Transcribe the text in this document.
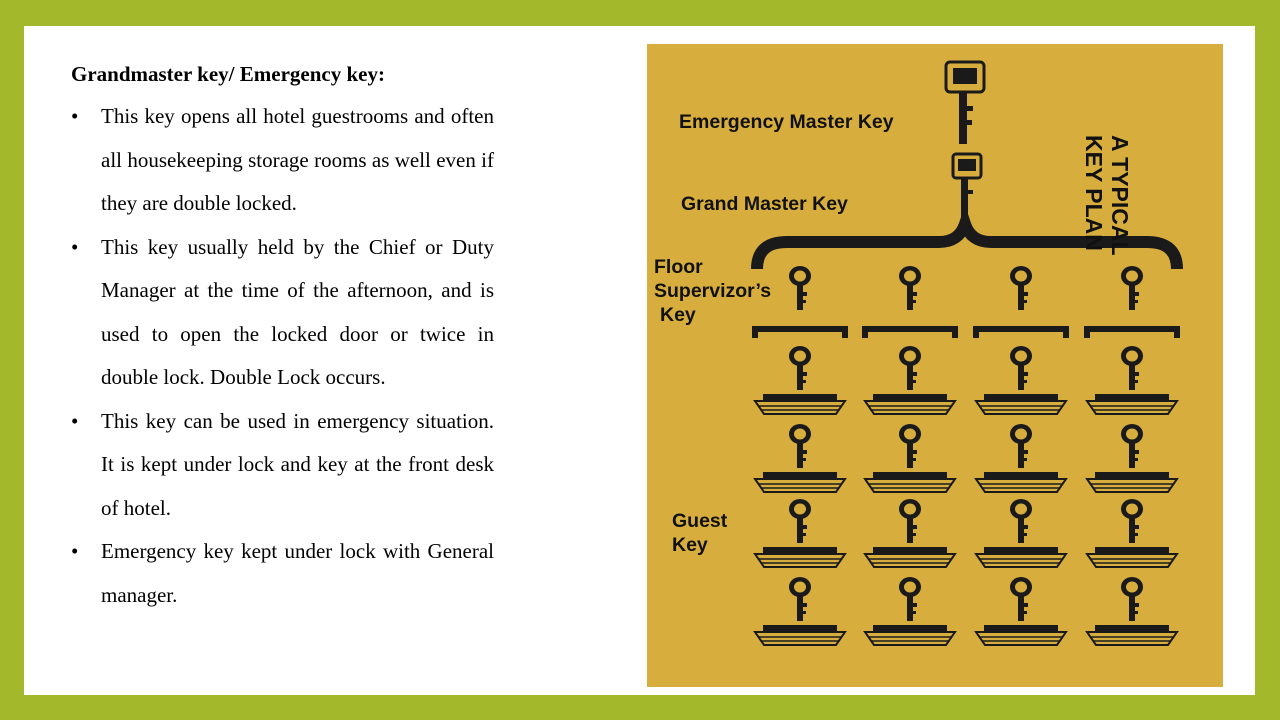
Grandmaster key/ Emergency key:
• This key opens all hotel guestrooms and often all housekeeping storage rooms as well even if they are double locked.
• This key usually held by the Chief or Duty Manager at the time of the afternoon, and is used to open the locked door or twice in double lock. Double Lock occurs.
• This key can be used in emergency situation. It is kept under lock and key at the front desk of hotel.
• Emergency key kept under lock with General manager.
Emergency Master Key
Grand Master Key
Floor
Supervizor’s
Key
Guest
Key
A TYPICAL
KEY PLAN
